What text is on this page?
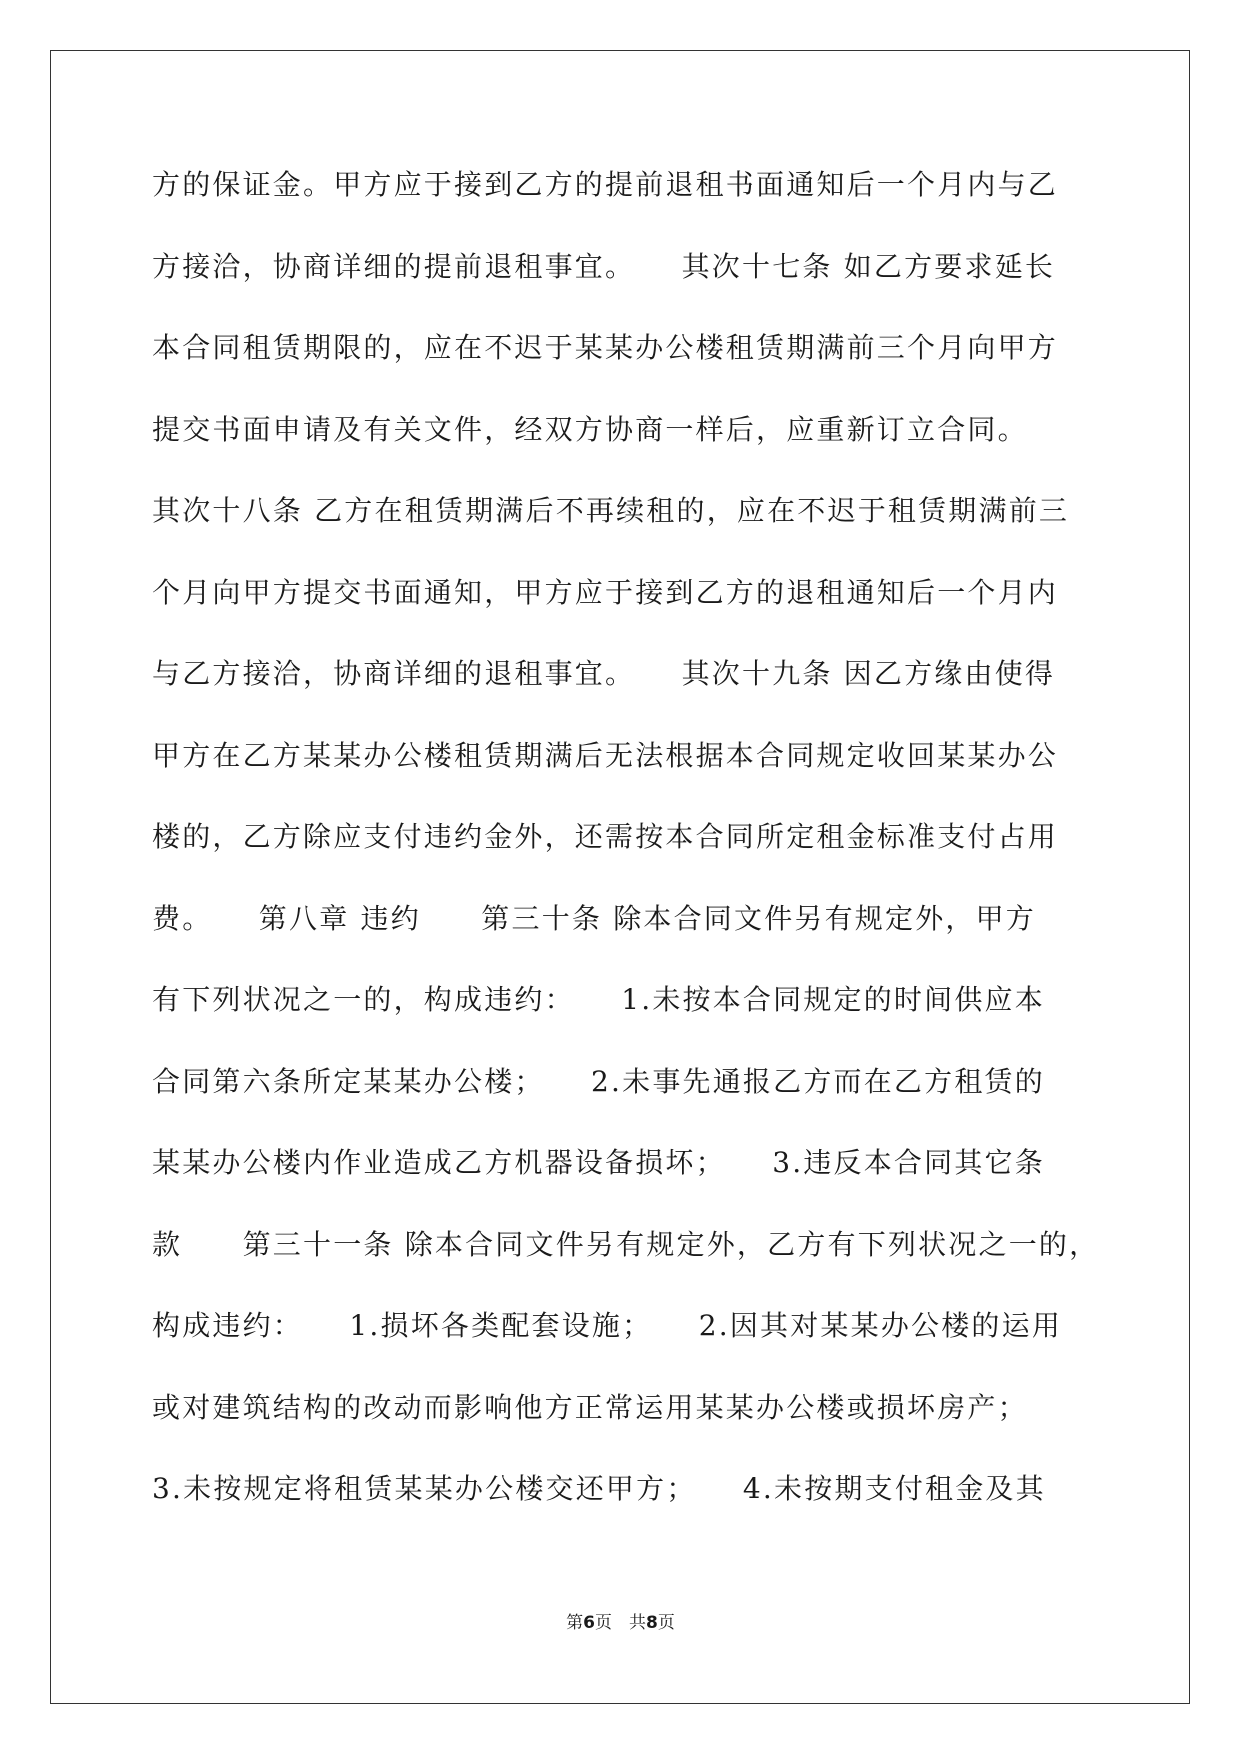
方的保证金。甲方应于接到乙方的提前退租书面通知后一个月内与乙
方接洽，协商详细的提前退租事宜。　　其次十七条 如乙方要求延长
本合同租赁期限的，应在不迟于某某办公楼租赁期满前三个月向甲方
提交书面申请及有关文件，经双方协商一样后，应重新订立合同。
其次十八条 乙方在租赁期满后不再续租的，应在不迟于租赁期满前三
个月向甲方提交书面通知，甲方应于接到乙方的退租通知后一个月内
与乙方接洽，协商详细的退租事宜。　　其次十九条 因乙方缘由使得
甲方在乙方某某办公楼租赁期满后无法根据本合同规定收回某某办公
楼的，乙方除应支付违约金外，还需按本合同所定租金标准支付占用
费。　　第八章 违约　　第三十条 除本合同文件另有规定外，甲方
有下列状况之一的，构成违约：　　1.未按本合同规定的时间供应本
合同第六条所定某某办公楼；　　2.未事先通报乙方而在乙方租赁的
某某办公楼内作业造成乙方机器设备损坏；　　3.违反本合同其它条
款　　第三十一条 除本合同文件另有规定外，乙方有下列状况之一的，
构成违约：　　1.损坏各类配套设施；　　2.因其对某某办公楼的运用
或对建筑结构的改动而影响他方正常运用某某办公楼或损坏房产；
3.未按规定将租赁某某办公楼交还甲方；　　4.未按期支付租金及其
第6页　共8页
